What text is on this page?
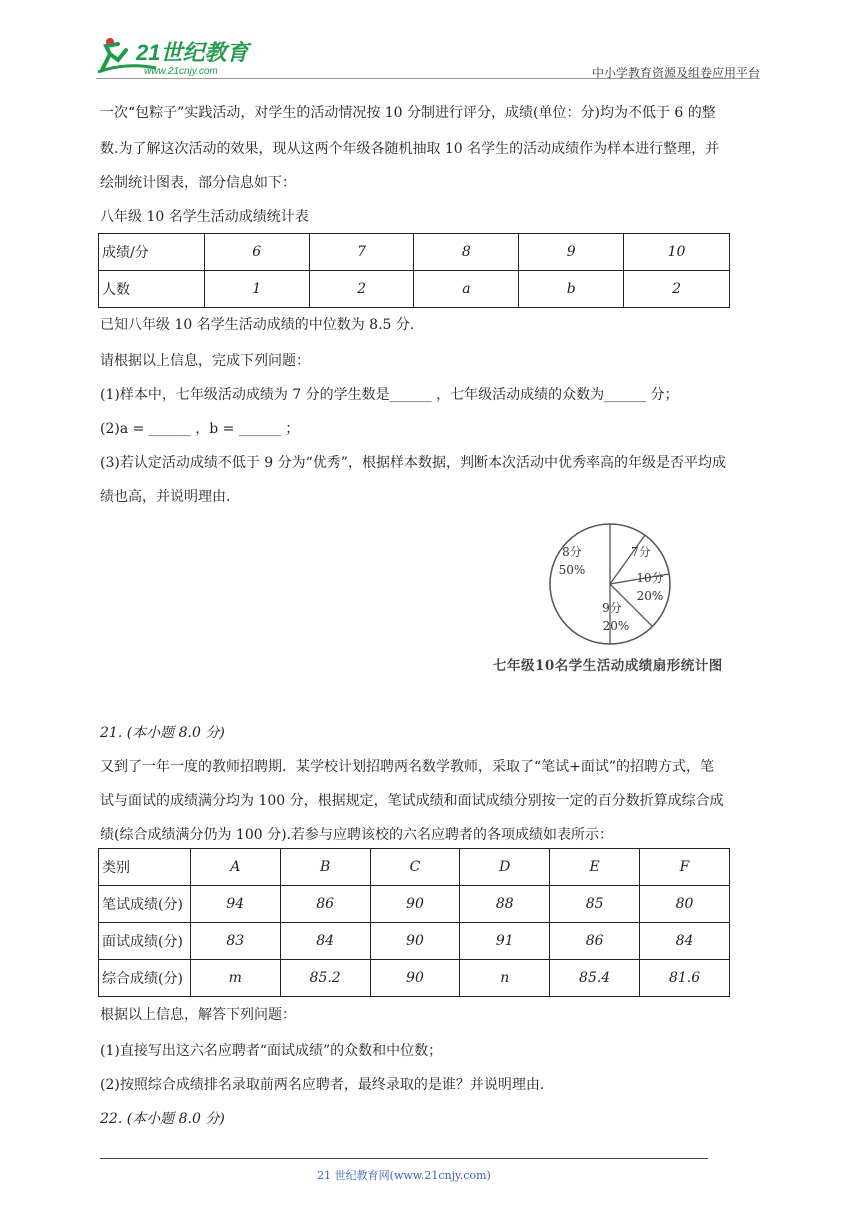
21世纪教育
www.21cnjy.com	中小学教育资源及组卷应用平台
一次“包粽子”实践活动，对学生的活动情况按 10 分制进行评分，成绩(单位：分)均为不低于 6 的整
数.为了解这次活动的效果，现从这两个年级各随机抽取 10 名学生的活动成绩作为样本进行整理，并
绘制统计图表，部分信息如下：
八年级 10 名学生活动成绩统计表
成绩/分	6	7	8	9	10
人数	1	2	a	b	2
已知八年级 10 名学生活动成绩的中位数为 8.5 分.
请根据以上信息，完成下列问题：
(1)样本中，七年级活动成绩为 7 分的学生数是______ ，七年级活动成绩的众数为______ 分；
(2)a = ______ ，b = ______ ；
(3)若认定活动成绩不低于 9 分为“优秀”，根据样本数据，判断本次活动中优秀率高的年级是否平均成
绩也高，并说明理由.
8分
50%
7分
10分
20%
9分
20%
七年级10名学生活动成绩扇形统计图
21. (本小题 8.0 分)
又到了一年一度的教师招聘期．某学校计划招聘两名数学教师，采取了“笔试+面试”的招聘方式，笔
试与面试的成绩满分均为 100 分，根据规定，笔试成绩和面试成绩分别按一定的百分数折算成综合成
绩(综合成绩满分仍为 100 分).若参与应聘该校的六名应聘者的各项成绩如表所示：
类别	A	B	C	D	E	F
笔试成绩(分)	94	86	90	88	85	80
面试成绩(分)	83	84	90	91	86	84
综合成绩(分)	m	85.2	90	n	85.4	81.6
根据以上信息，解答下列问题：
(1)直接写出这六名应聘者“面试成绩”的众数和中位数；
(2)按照综合成绩排名录取前两名应聘者，最终录取的是谁？并说明理由.
22. (本小题 8.0 分)
21 世纪教育网(www.21cnjy.com)
